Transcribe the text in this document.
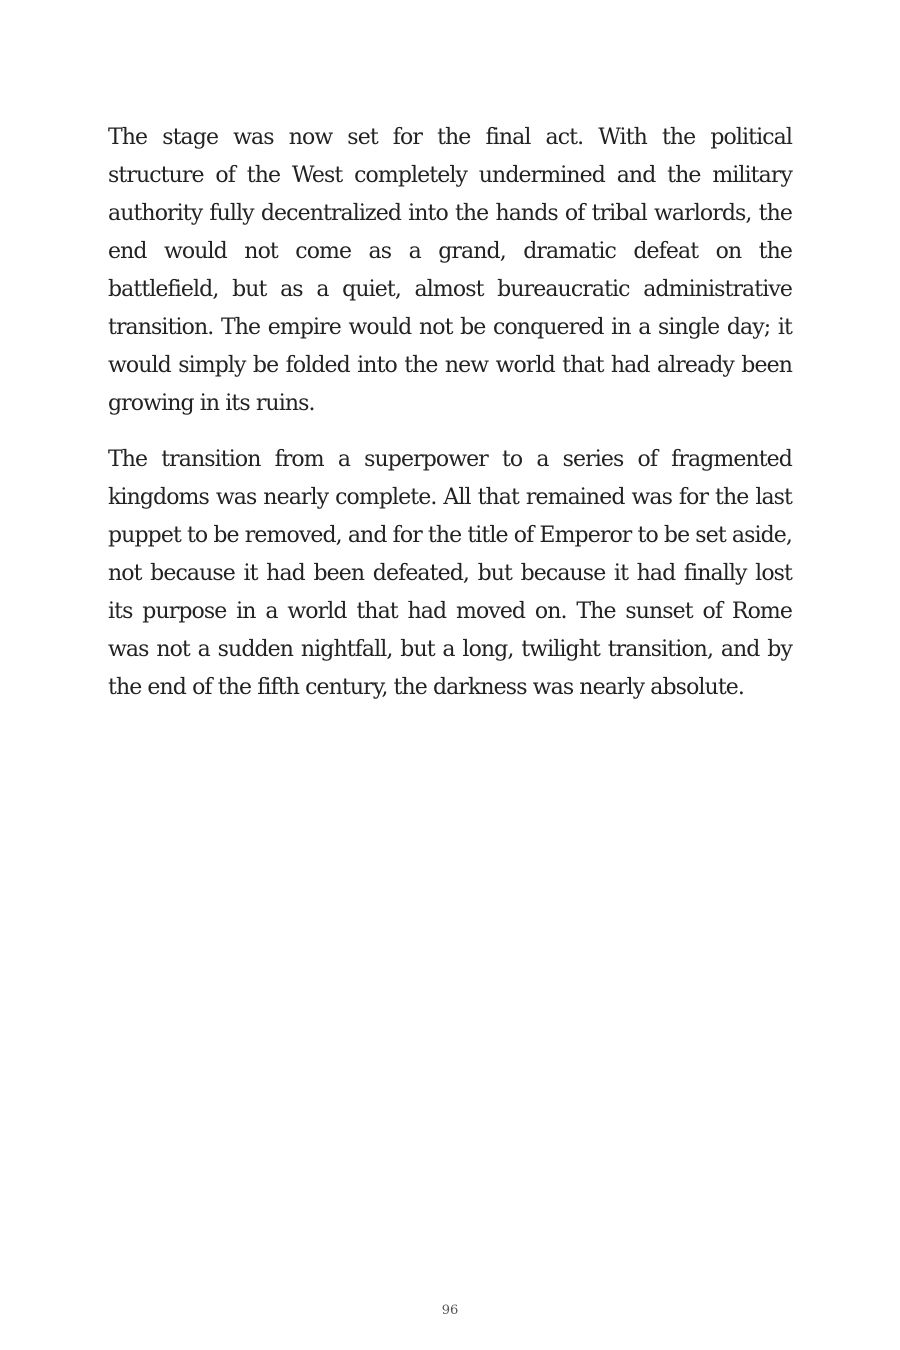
The stage was now set for the final act. With the political structure of the West completely undermined and the military authority fully decentralized into the hands of tribal warlords, the end would not come as a grand, dramatic defeat on the battlefield, but as a quiet, almost bureaucratic administrative transition. The empire would not be conquered in a single day; it would simply be folded into the new world that had already been growing in its ruins.

The transition from a superpower to a series of fragmented kingdoms was nearly complete. All that remained was for the last puppet to be removed, and for the title of Emperor to be set aside, not because it had been defeated, but because it had finally lost its purpose in a world that had moved on. The sunset of Rome was not a sudden nightfall, but a long, twilight transition, and by the end of the fifth century, the darkness was nearly absolute.

96
